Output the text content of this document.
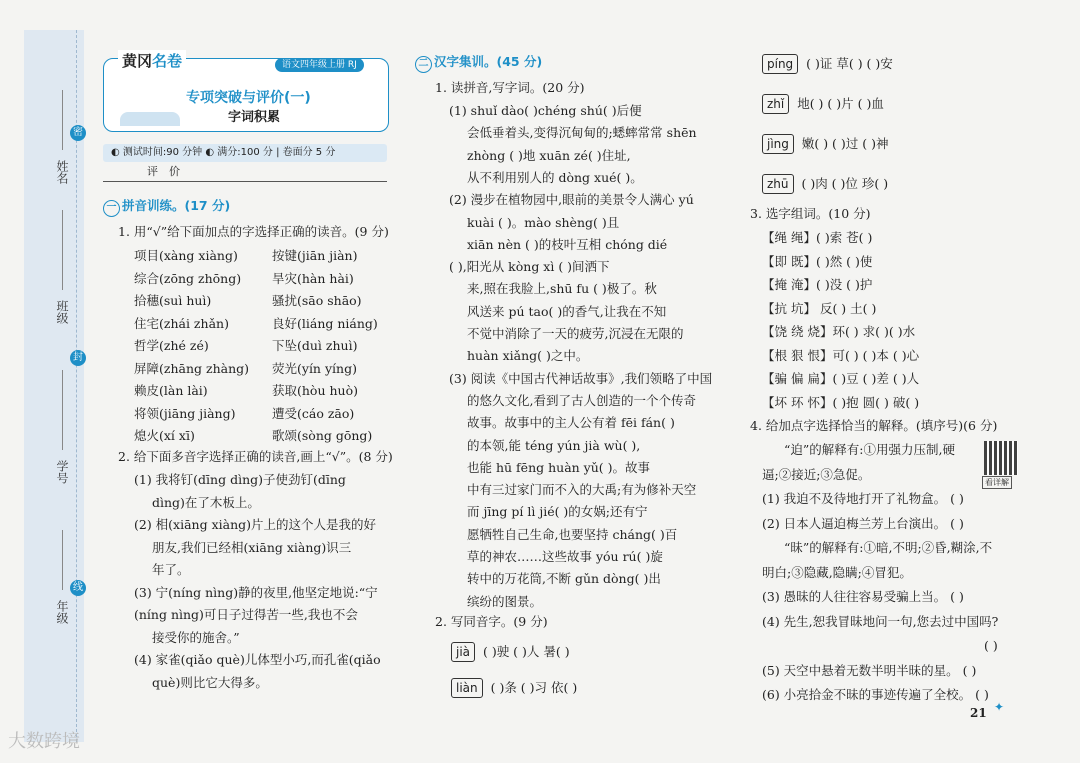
姓名
班级
学号
年级
密
封
线
黄冈名卷	语文四年级上册 RJ
专项突破与评价(一)
字词积累
◐ 测试时间:90 分钟 ◐ 满分:100 分 | 卷面分 5 分
评　价
一 拼音训练。(17 分)
1. 用“√”给下面加点的字选择正确的读音。(9 分)
项目(xàng xiàng)	按键(jiān jiàn)
综合(zōng zhōng) 旱灾(hàn hài)
拾穗(suì huì)	骚扰(sāo shāo)
住宅(zhái zhǎn)	良好(liáng niáng)
哲学(zhé zé)	下坠(duì zhuì)
屏障(zhāng zhàng) 荧光(yín yíng)
赖皮(làn lài)	获取(hòu huò)
将领(jiāng jiàng)	遭受(cáo zāo)
熄火(xí xī)	歌颂(sòng gōng)
2. 给下面多音字选择正确的读音,画上“√”。(8 分)
(1) 我将钉(dīng dìng)子使劲钉(dīng
dìng)在了木板上。
(2) 相(xiāng xiàng)片上的这个人是我的好
朋友,我们已经相(xiāng xiàng)识三
年了。
(3) 宁(níng nìng)静的夜里,他坚定地说:“宁
(níng nìng)可日子过得苦一些,我也不会
接受你的施舍。”
(4) 家雀(qiǎo què)儿体型小巧,而孔雀(qiǎo
què)则比它大得多。
二 汉字集训。(45 分)
1. 读拼音,写字词。(20 分)
(1) shuǐ dào( )chéng shú( )后便
会低垂着头,变得沉甸甸的;蟋蟀常常 shēn
zhòng ( )地 xuān zé( )住址,
从不利用别人的 dòng xué( )。
(2) 漫步在植物园中,眼前的美景令人满心 yú
kuài ( )。mào shèng( )且
xiān nèn ( )的枝叶互相 chóng dié
( ),阳光从 kòng xì ( )间洒下
来,照在我脸上,shū fu ( )极了。秋
风送来 pú tao( )的香气,让我在不知
不觉中消除了一天的疲劳,沉浸在无限的
huàn xiǎng( )之中。
(3) 阅读《中国古代神话故事》,我们领略了中国
的悠久文化,看到了古人创造的一个个传奇
故事。故事中的主人公有着 fēi fán( )
的本领,能 téng yún jià wù( ),
也能 hū fēng huàn yǔ( )。故事
中有三过家门而不入的大禹;有为修补天空
而 jīng pí lì jié( )的女娲;还有宁
愿牺牲自己生命,也要坚持 cháng( )百
草的神农……这些故事 yóu rú( )旋
转中的万花筒,不断 gǔn dòng( )出
缤纷的图景。
2. 写同音字。(9 分)
jià ( )驶 ( )人 暑( )
liàn ( )条 ( )习 依( )
píng ( )证 草( ) ( )安
zhǐ 地( ) ( )片 ( )血
jìng 嫩( ) ( )过 ( )神
zhū ( )肉 ( )位 珍( )
3. 选字组词。(10 分)
【绳 绳】( )索 苍( )
【即 既】( )然 ( )使
【掩 淹】( )没 ( )护
【抗 坑】 反( ) 土( )
【饶 绕 烧】环( ) 求( )( )水
【根 狠 恨】可( ) ( )本 ( )心
【骗 偏 扁】( )豆 ( )差 ( )人
【坏 环 怀】( )抱 圆( ) 破( )
4. 给加点字选择恰当的解释。(填序号)(6 分)
“迫”的解释有:①用强力压制,硬
逼;②接近;③急促。
(1) 我迫不及待地打开了礼物盒。 ( )
(2) 日本人逼迫梅兰芳上台演出。 ( )
“昧”的解释有:①暗,不明;②昏,糊涂,不
明白;③隐藏,隐瞒;④冒犯。
(3) 愚昧的人往往容易受骗上当。 ( )
(4) 先生,恕我冒昧地问一句,您去过中国吗?
( )
(5) 天空中悬着无数半明半昧的星。 ( )
(6) 小亮拾金不昧的事迹传遍了全校。 ( )
看详解
21 ✦
大数跨境
